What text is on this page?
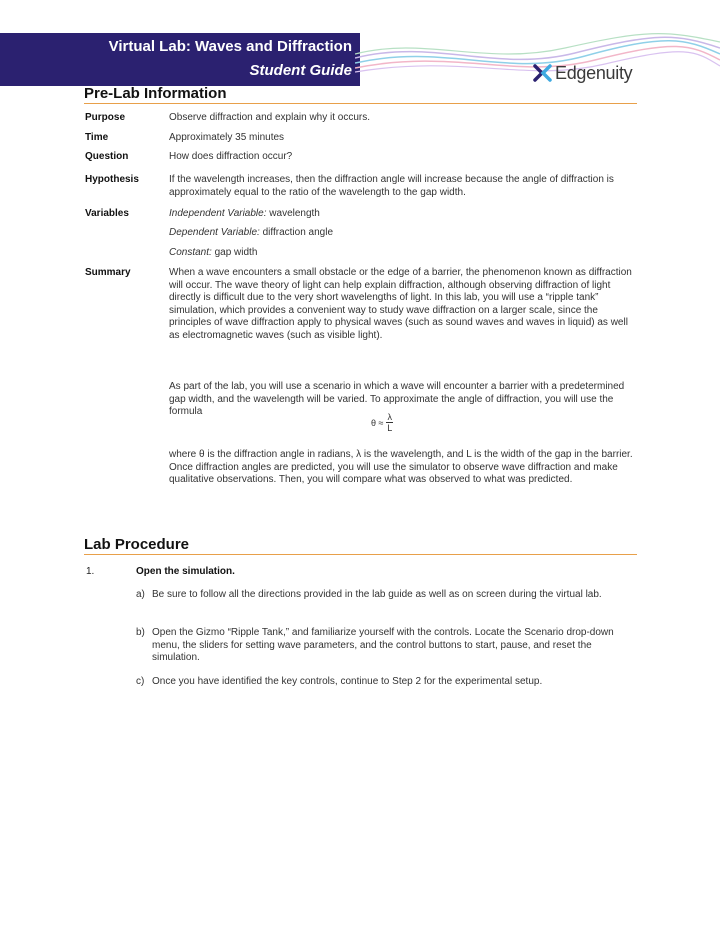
Virtual Lab: Waves and Diffraction
Student Guide	Edgenuity
Pre-Lab Information
Purpose	Observe diffraction and explain why it occurs.
Time	Approximately 35 minutes
Question	How does diffraction occur?
Hypothesis	If the wavelength increases, then the diffraction angle will increase because the angle of diffraction is approximately equal to the ratio of the wavelength to the gap width.
Variables	Independent Variable: wavelength
Dependent Variable: diffraction angle
Constant: gap width
Summary	When a wave encounters a small obstacle or the edge of a barrier, the phenomenon known as diffraction will occur. The wave theory of light can help explain diffraction, although observing diffraction of light directly is difficult due to the very short wavelengths of light. In this lab, you will use a “ripple tank” simulation, which provides a convenient way to study wave diffraction on a larger scale, since the principles of wave diffraction apply to physical waves (such as sound waves and waves in liquid) as well as electromagnetic waves (such as visible light).
As part of the lab, you will use a scenario in which a wave will encounter a barrier with a predetermined gap width, and the wavelength will be varied. To approximate the angle of diffraction, you will use the formula
$\theta \approx \frac{\lambda}{L}$
where θ is the diffraction angle in radians, λ is the wavelength, and L is the width of the gap in the barrier. Once diffraction angles are predicted, you will use the simulator to observe wave diffraction and make qualitative observations. Then, you will compare what was observed to what was predicted.
Lab Procedure
1.	Open the simulation.
a) Be sure to follow all the directions provided in the lab guide as well as on screen during the virtual lab.
b) Open the Gizmo “Ripple Tank,” and familiarize yourself with the controls. Locate the Scenario drop-down menu, the sliders for setting wave parameters, and the control buttons to start, pause, and reset the simulation.
c) Once you have identified the key controls, continue to Step 2 for the experimental setup.
